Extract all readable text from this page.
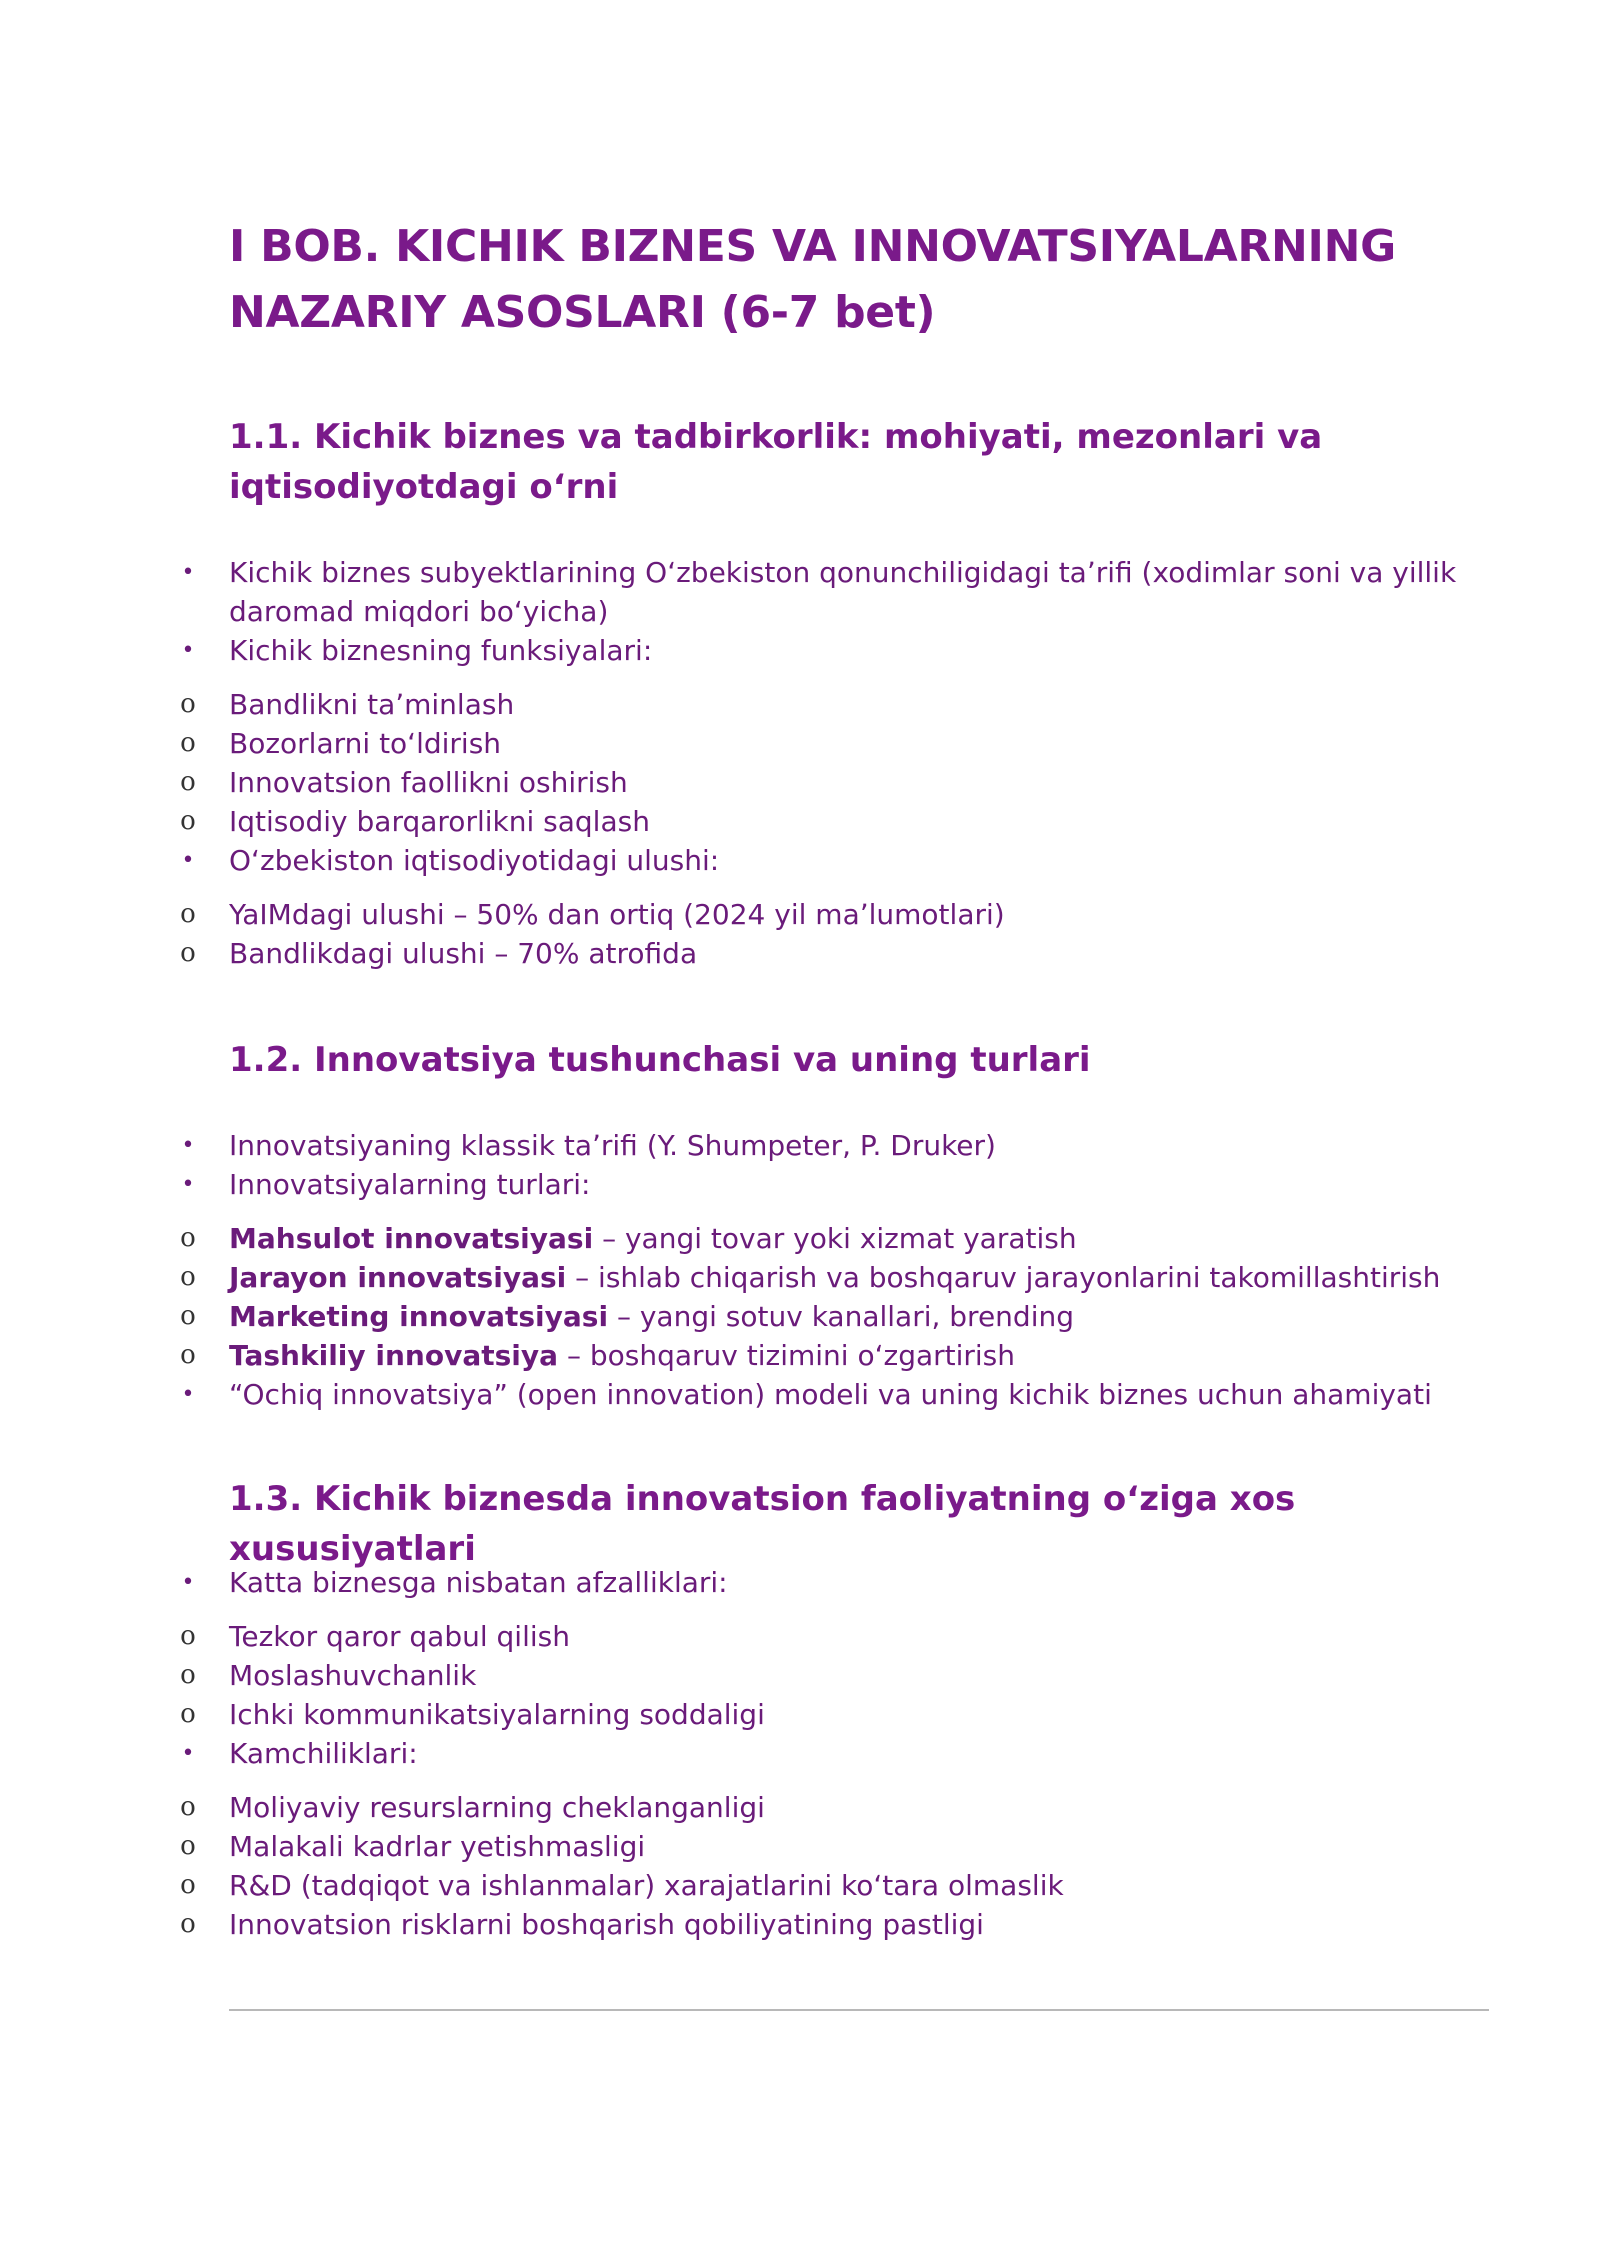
I BOB. KICHIK BIZNES VA INNOVATSIYALARNING
NAZARIY ASOSLARI (6-7 bet)
1.1. Kichik biznes va tadbirkorlik: mohiyati, mezonlari va
iqtisodiyotdagi oʻrni
• Kichik biznes subyektlarining Oʻzbekiston qonunchiligidagi taʼrifi (xodimlar soni va yillik daromad miqdori boʻyicha)
• Kichik biznesning funksiyalari:
o Bandlikni taʼminlash
o Bozorlarni toʻldirish
o Innovatsion faollikni oshirish
o Iqtisodiy barqarorlikni saqlash
• Oʻzbekiston iqtisodiyotidagi ulushi:
o YaIMdagi ulushi – 50% dan ortiq (2024 yil maʼlumotlari)
o Bandlikdagi ulushi – 70% atrofida
1.2. Innovatsiya tushunchasi va uning turlari
• Innovatsiyaning klassik taʼrifi (Y. Shumpeter, P. Druker)
• Innovatsiyalarning turlari:
o Mahsulot innovatsiyasi – yangi tovar yoki xizmat yaratish
o Jarayon innovatsiyasi – ishlab chiqarish va boshqaruv jarayonlarini takomillashtirish
o Marketing innovatsiyasi – yangi sotuv kanallari, brending
o Tashkiliy innovatsiya – boshqaruv tizimini oʻzgartirish
• “Ochiq innovatsiya” (open innovation) modeli va uning kichik biznes uchun ahamiyati
1.3. Kichik biznesda innovatsion faoliyatning oʻziga xos xususiyatlari
• Katta biznesga nisbatan afzalliklari:
o Tezkor qaror qabul qilish
o Moslashuvchanlik
o Ichki kommunikatsiyalarning soddaligi
• Kamchiliklari:
o Moliyaviy resurslarning cheklanganligi
o Malakali kadrlar yetishmasligi
o R&D (tadqiqot va ishlanmalar) xarajatlarini koʻtara olmaslik
o Innovatsion risklarni boshqarish qobiliyatining pastligi
